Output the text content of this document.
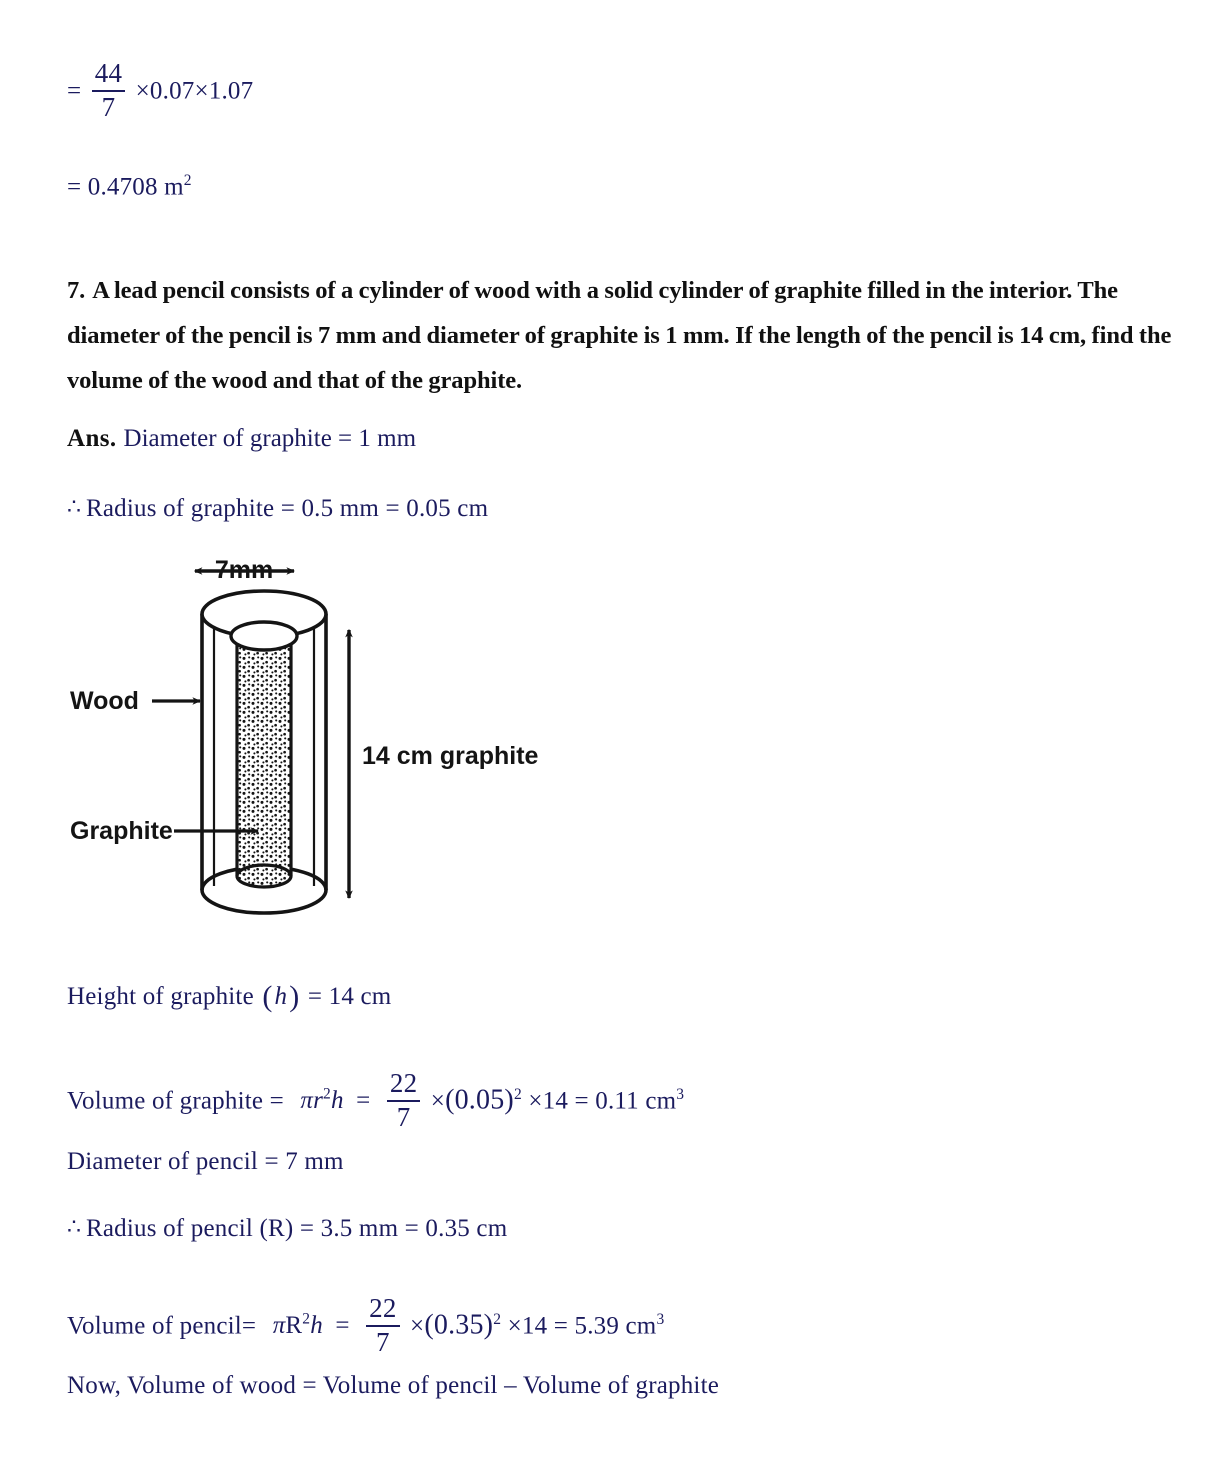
= $\frac{44}{7} \times 0.07\times 1.07$
= 0.4708 $m^2$
7. A lead pencil consists of a cylinder of wood with a solid cylinder of graphite filled in the interior. The diameter of the pencil is 7 mm and diameter of graphite is 1 mm. If the length of the pencil is 14 cm, find the volume of the wood and that of the graphite.
Ans. Diameter of graphite = 1 mm
∴ Radius of graphite = 0.5 mm = 0.05 cm
7mm
Wood
Graphite
14 cm graphite
Height of graphite (h) = 14 cm
Volume of graphite = $\pi r^2h = \frac{22}{7} \times(0.05)^2 \times 14 = 0.11$ $cm^3$
Diameter of pencil = 7 mm
∴ Radius of pencil (R) = 3.5 mm = 0.35 cm
Volume of pencil= $\pi R^2h = \frac{22}{7} \times(0.35)^2 \times 14 = 5.39$ $cm^3$
Now, Volume of wood = Volume of pencil – Volume of graphite
